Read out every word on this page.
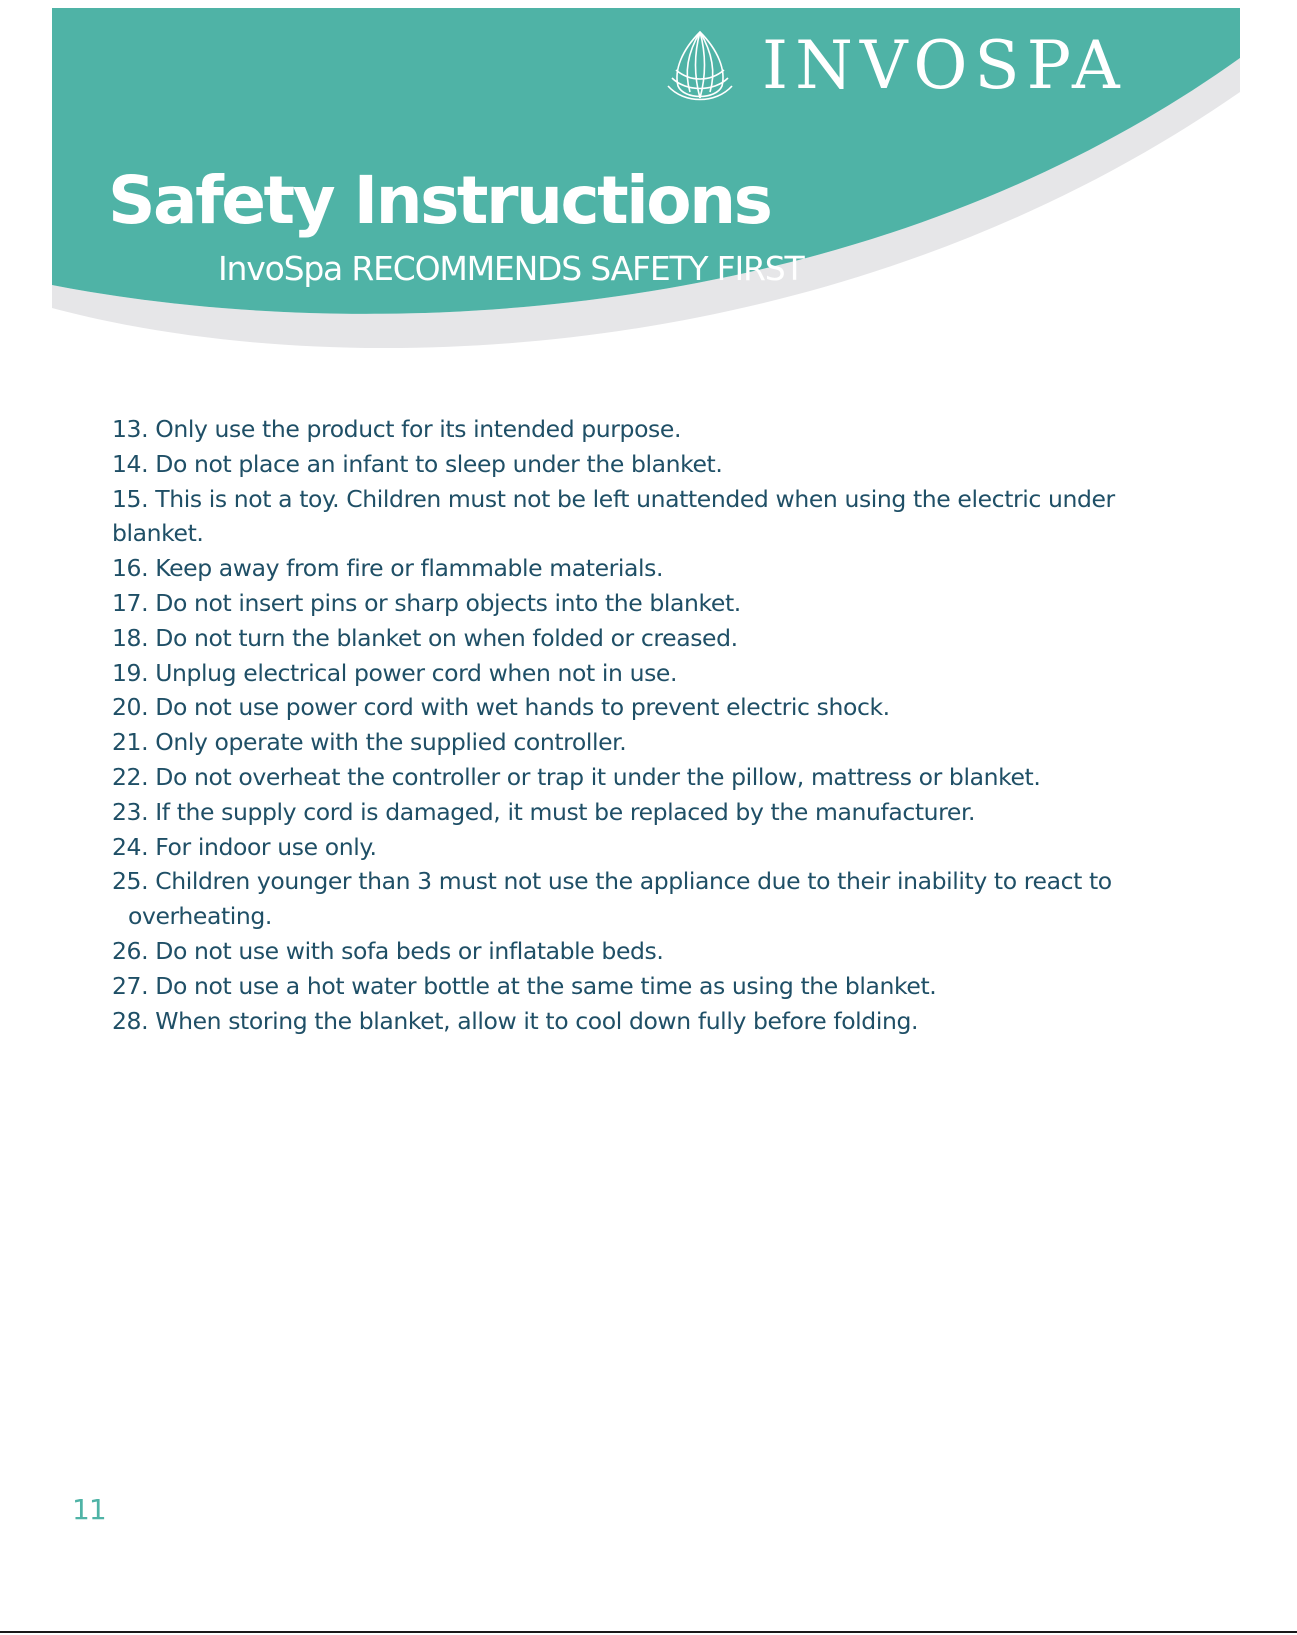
INVOSPA
Safety Instructions
InvoSpa RECOMMENDS SAFETY FIRST
13. Only use the product for its intended purpose.
14. Do not place an infant to sleep under the blanket.
15. This is not a toy. Children must not be left unattended when using the electric under blanket.
16. Keep away from fire or flammable materials.
17. Do not insert pins or sharp objects into the blanket.
18. Do not turn the blanket on when folded or creased.
19. Unplug electrical power cord when not in use.
20. Do not use power cord with wet hands to prevent electric shock.
21. Only operate with the supplied controller.
22. Do not overheat the controller or trap it under the pillow, mattress or blanket.
23. If the supply cord is damaged, it must be replaced by the manufacturer.
24. For indoor use only.
25. Children younger than 3 must not use the appliance due to their inability to react to overheating.
26. Do not use with sofa beds or inflatable beds.
27. Do not use a hot water bottle at the same time as using the blanket.
28. When storing the blanket, allow it to cool down fully before folding.
11
